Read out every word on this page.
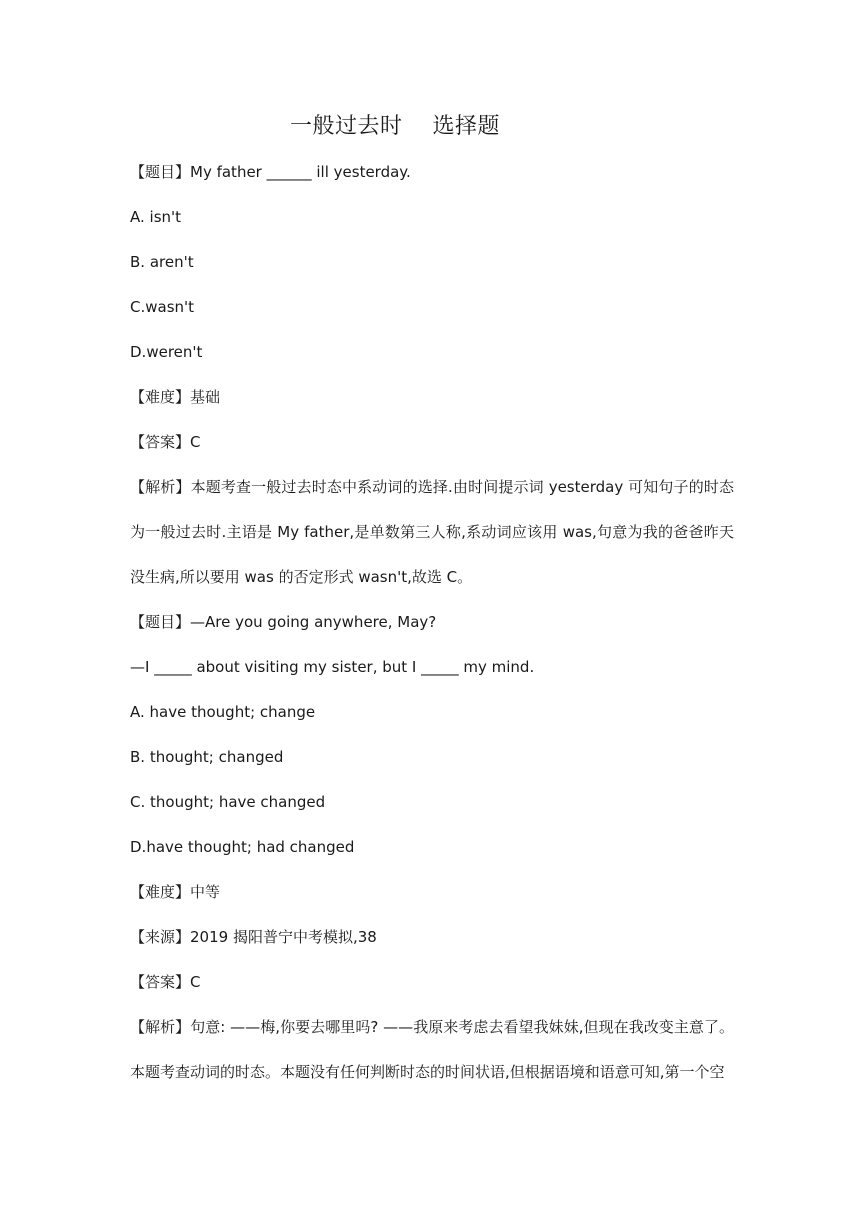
一般过去时    选择题
【题目】My father ______ ill yesterday.
A. isn't
B. aren't
C.wasn't
D.weren't
【难度】基础
【答案】C
【解析】本题考查一般过去时态中系动词的选择.由时间提示词 yesterday 可知句子的时态为一般过去时.主语是 My father,是单数第三人称,系动词应该用 was,句意为我的爸爸昨天没生病,所以要用 was 的否定形式 wasn't,故选 C。
【题目】—Are you going anywhere, May?
—I _____ about visiting my sister, but I _____ my mind.
A. have thought; change
B. thought; changed
C. thought; have changed
D.have thought; had changed
【难度】中等
【来源】2019 揭阳普宁中考模拟,38
【答案】C
【解析】句意: ——梅,你要去哪里吗? ——我原来考虑去看望我妹妹,但现在我改变主意了。本题考查动词的时态。本题没有任何判断时态的时间状语,但根据语境和语意可知,第一个空
